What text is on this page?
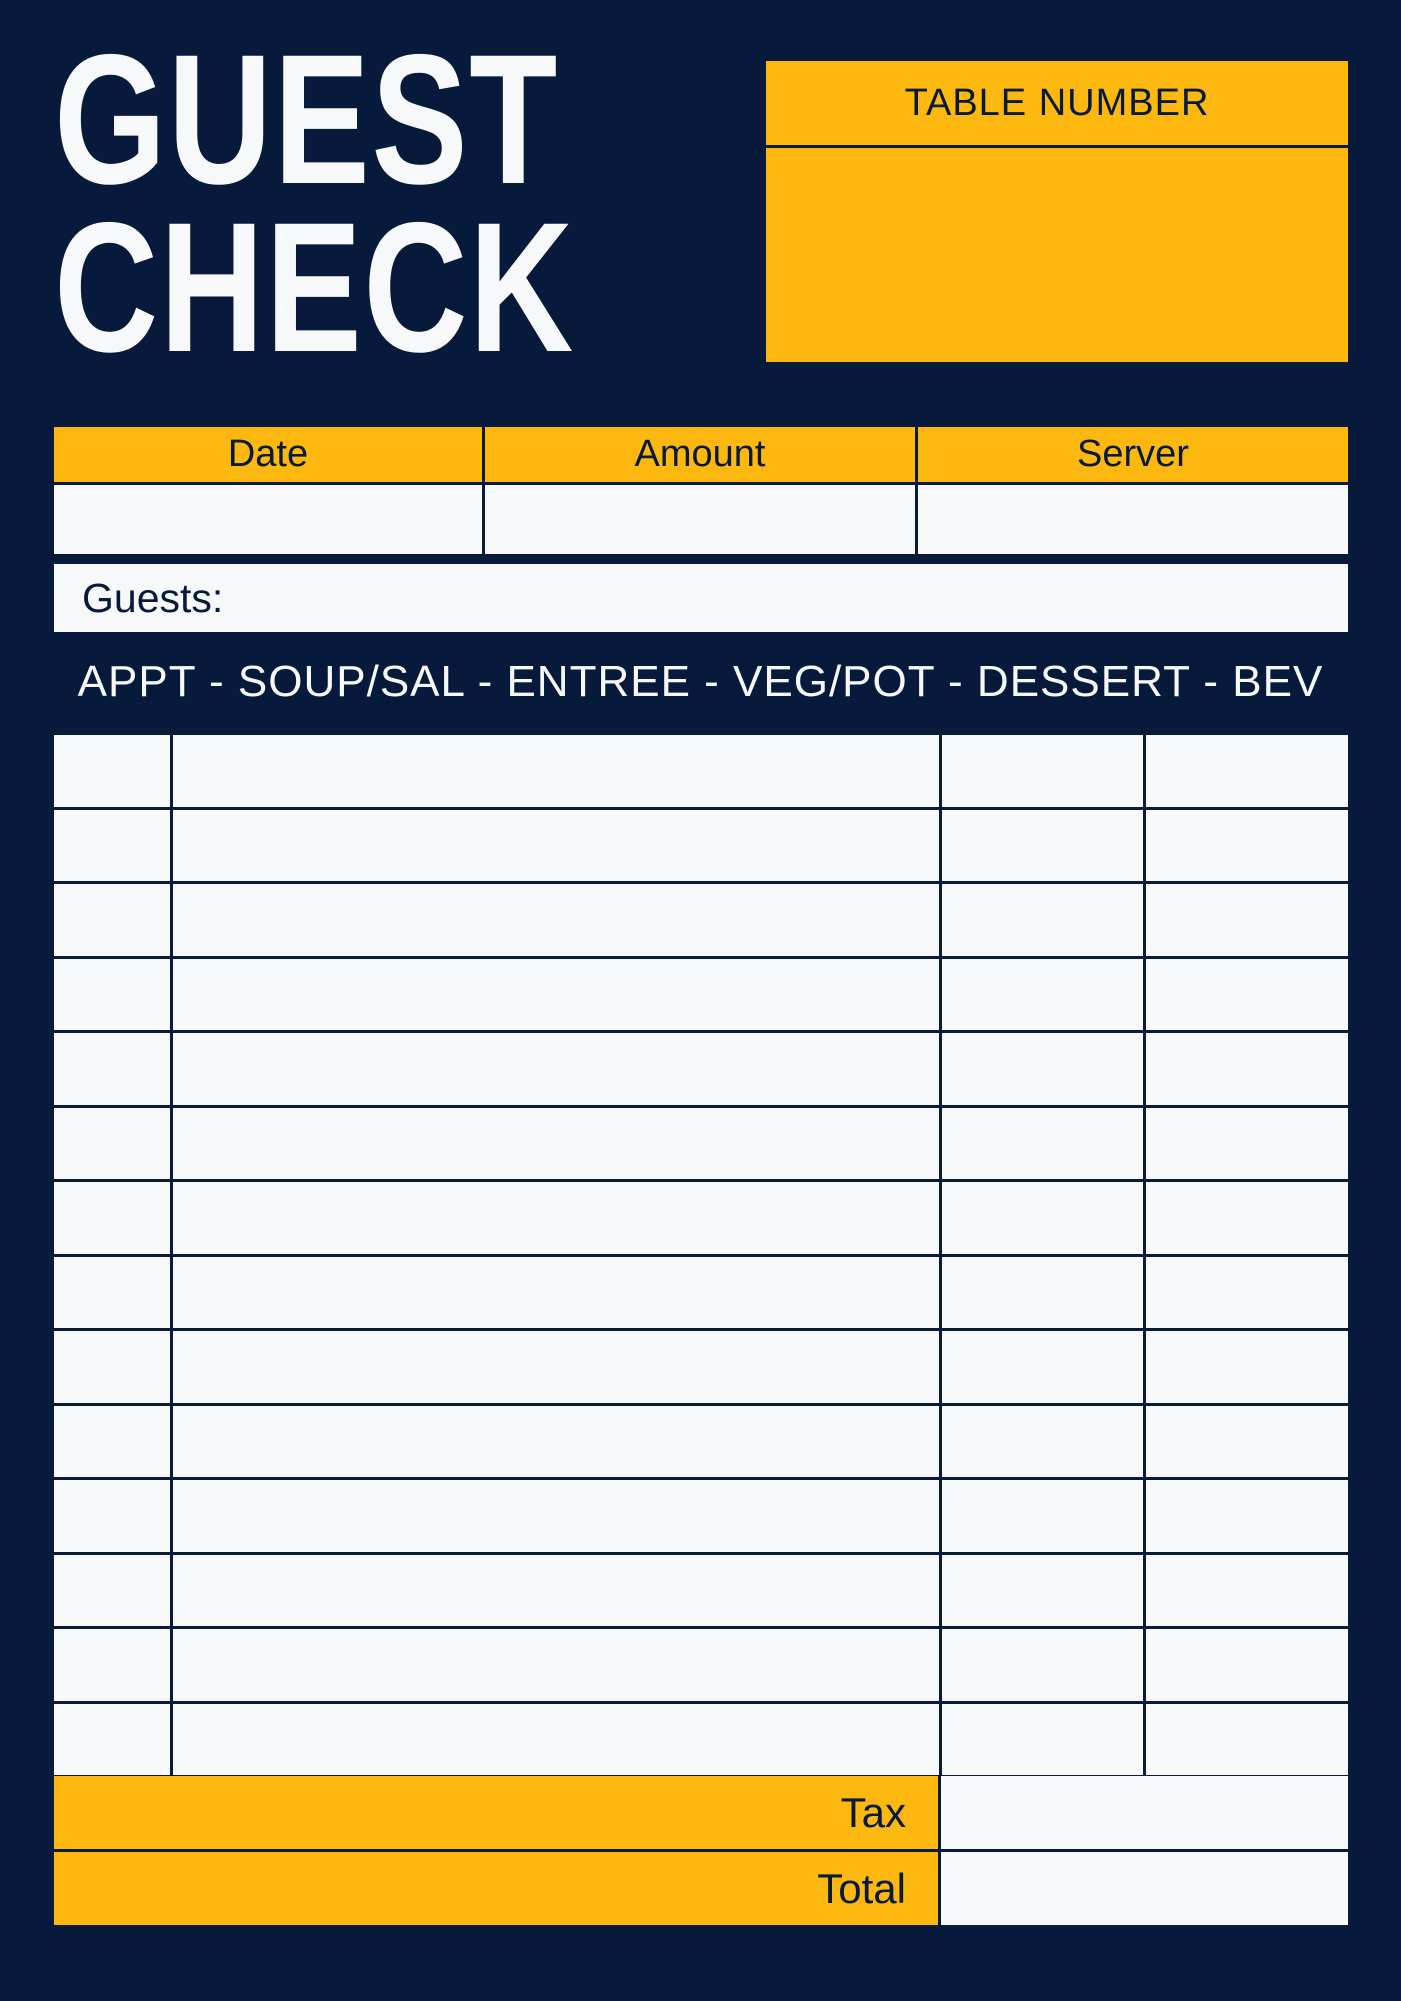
GUEST
CHECK
TABLE NUMBER
Date	Amount	Server
Guests:
APPT - SOUP/SAL - ENTREE - VEG/POT - DESSERT - BEV
Tax
Total
